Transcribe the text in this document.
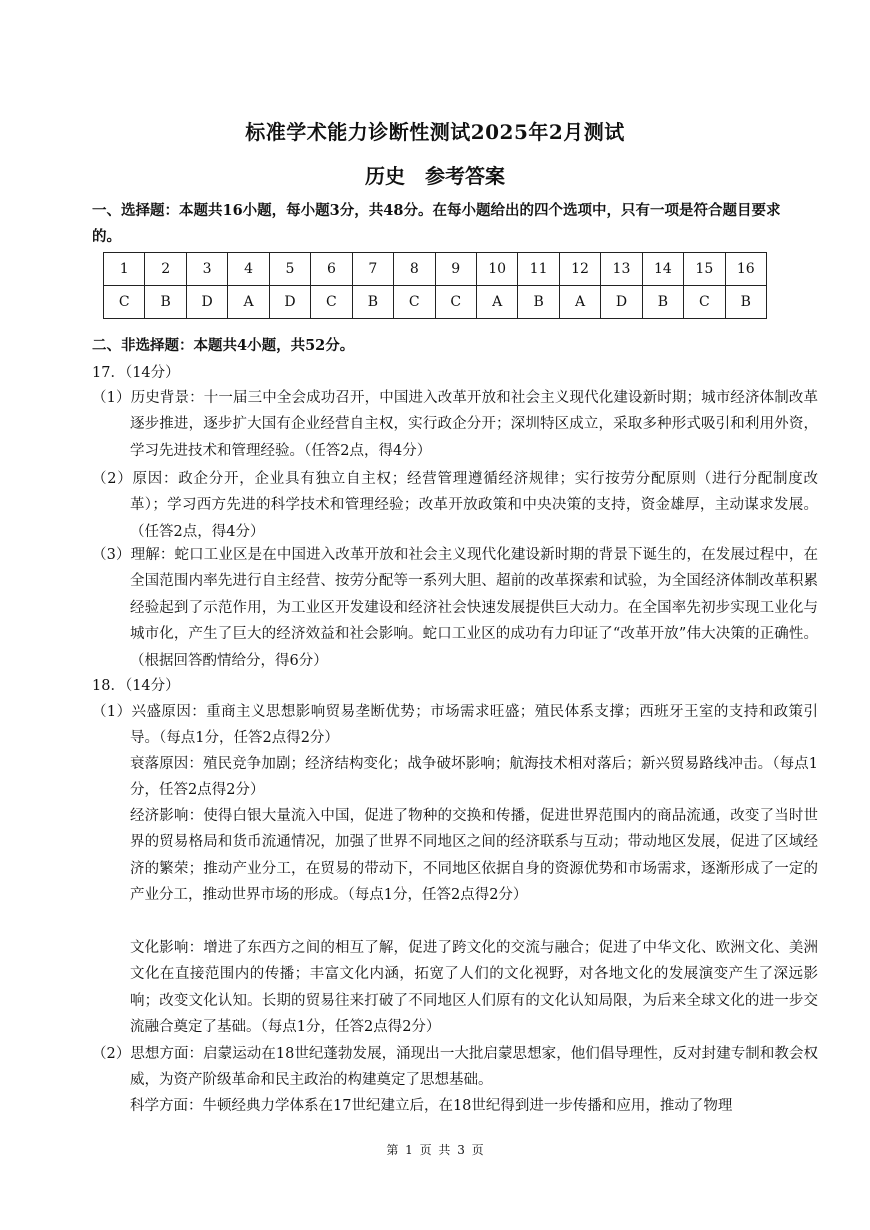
标准学术能力诊断性测试2025年2月测试
历史　参考答案
一、选择题：本题共16小题，每小题3分，共48分。在每小题给出的四个选项中，只有一项是符合题目要求的。
1	2	3	4	5	6	7	8	9	10	11	12	13	14	15	16
C	B	D	A	D	C	B	C	C	A	B	A	D	B	C	B
二、非选择题：本题共4小题，共52分。
17．（14分）
（1）历史背景：十一届三中全会成功召开，中国进入改革开放和社会主义现代化建设新时期；城市经济体制改革逐步推进，逐步扩大国有企业经营自主权，实行政企分开；深圳特区成立，采取多种形式吸引和利用外资，学习先进技术和管理经验。（任答2点，得4分）
（2）原因：政企分开，企业具有独立自主权；经营管理遵循经济规律；实行按劳分配原则（进行分配制度改革）；学习西方先进的科学技术和管理经验；改革开放政策和中央决策的支持，资金雄厚，主动谋求发展。（任答2点，得4分）
（3）理解：蛇口工业区是在中国进入改革开放和社会主义现代化建设新时期的背景下诞生的，在发展过程中，在全国范围内率先进行自主经营、按劳分配等一系列大胆、超前的改革探索和试验，为全国经济体制改革积累经验起到了示范作用，为工业区开发建设和经济社会快速发展提供巨大动力。在全国率先初步实现工业化与城市化，产生了巨大的经济效益和社会影响。蛇口工业区的成功有力印证了“改革开放”伟大决策的正确性。（根据回答酌情给分，得6分）
18．（14分）
（1）兴盛原因：重商主义思想影响贸易垄断优势；市场需求旺盛；殖民体系支撑；西班牙王室的支持和政策引导。（每点1分，任答2点得2分）
衰落原因：殖民竞争加剧；经济结构变化；战争破坏影响；航海技术相对落后；新兴贸易路线冲击。（每点1分，任答2点得2分）
经济影响：使得白银大量流入中国，促进了物种的交换和传播，促进世界范围内的商品流通，改变了当时世界的贸易格局和货币流通情况，加强了世界不同地区之间的经济联系与互动；带动地区发展，促进了区域经济的繁荣；推动产业分工，在贸易的带动下，不同地区依据自身的资源优势和市场需求，逐渐形成了一定的产业分工，推动世界市场的形成。（每点1分，任答2点得2分）
文化影响：增进了东西方之间的相互了解，促进了跨文化的交流与融合；促进了中华文化、欧洲文化、美洲文化在直接范围内的传播；丰富文化内涵，拓宽了人们的文化视野，对各地文化的发展演变产生了深远影响；改变文化认知。长期的贸易往来打破了不同地区人们原有的文化认知局限，为后来全球文化的进一步交流融合奠定了基础。（每点1分，任答2点得2分）
（2）思想方面：启蒙运动在18世纪蓬勃发展，涌现出一大批启蒙思想家，他们倡导理性，反对封建专制和教会权威，为资产阶级革命和民主政治的构建奠定了思想基础。
科学方面：牛顿经典力学体系在17世纪建立后，在18世纪得到进一步传播和应用，推动了物理
第 1 页 共 3 页
